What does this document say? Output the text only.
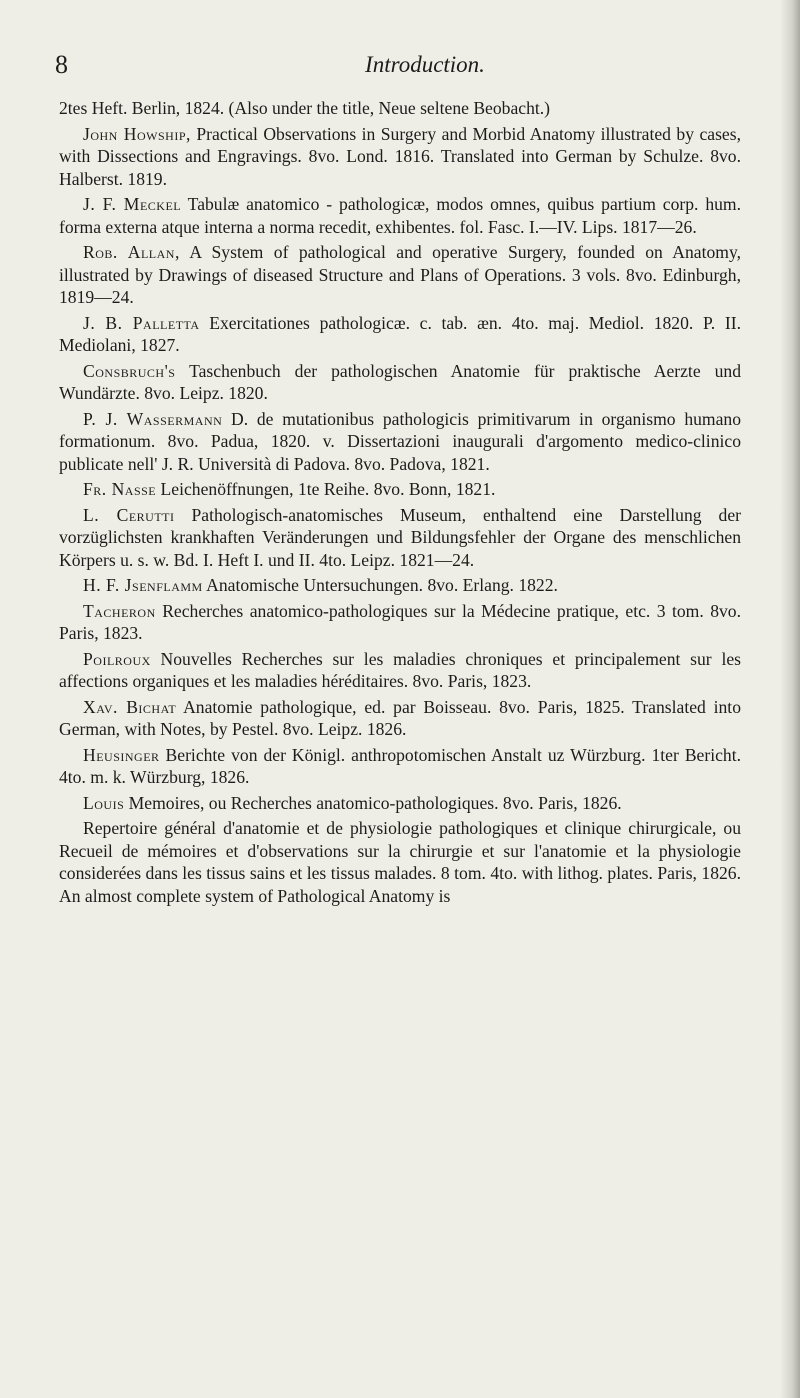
8	Introduction.

2tes Heft. Berlin, 1824. (Also under the title, Neue seltene Beobacht.)

John Howship, Practical Observations in Surgery and Morbid Anatomy illustrated by cases, with Dissections and Engravings. 8vo. Lond. 1816. Translated into German by Schulze. 8vo. Halberst. 1819.

J. F. Meckel Tabulæ anatomico - pathologicæ, modos omnes, quibus partium corp. hum. forma externa atque interna a norma recedit, exhibentes. fol. Fasc. I.—IV. Lips. 1817—26.

Rob. Allan, A System of pathological and operative Surgery, founded on Anatomy, illustrated by Drawings of diseased Structure and Plans of Operations. 3 vols. 8vo. Edinburgh, 1819—24.

J. B. Palletta Exercitationes pathologicæ. c. tab. æn. 4to. maj. Mediol. 1820. P. II. Mediolani, 1827.

Consbruch's Taschenbuch der pathologischen Anatomie für praktische Aerzte und Wundärzte. 8vo. Leipz. 1820.

P. J. Wassermann D. de mutationibus pathologicis primitivarum in organismo humano formationum. 8vo. Padua, 1820. v. Dissertazioni inaugurali d'argomento medico-clinico publicate nell' J. R. Università di Padova. 8vo. Padova, 1821.

Fr. Nasse Leichenöffnungen, 1te Reihe. 8vo. Bonn, 1821.

L. Cerutti Pathologisch-anatomisches Museum, enthaltend eine Darstellung der vorzüglichsten krankhaften Veränderungen und Bildungsfehler der Organe des menschlichen Körpers u. s. w. Bd. I. Heft I. und II. 4to. Leipz. 1821—24.

H. F. Jsenflamm Anatomische Untersuchungen. 8vo. Erlang. 1822.

Tacheron Recherches anatomico-pathologiques sur la Médecine pratique, etc. 3 tom. 8vo. Paris, 1823.

Poilroux Nouvelles Recherches sur les maladies chroniques et principalement sur les affections organiques et les maladies héréditaires. 8vo. Paris, 1823.

Xav. Bichat Anatomie pathologique, ed. par Boisseau. 8vo. Paris, 1825. Translated into German, with Notes, by Pestel. 8vo. Leipz. 1826.

Heusinger Berichte von der Königl. anthropotomischen Anstalt uz Würzburg. 1ter Bericht. 4to. m. k. Würzburg, 1826.

Louis Memoires, ou Recherches anatomico-pathologiques. 8vo. Paris, 1826.

Repertoire général d'anatomie et de physiologie pathologiques et clinique chirurgicale, ou Recueil de mémoires et d'observations sur la chirurgie et sur l'anatomie et la physiologie considerées dans les tissus sains et les tissus malades. 8 tom. 4to. with lithog. plates. Paris, 1826. An almost complete system of Pathological Anatomy is
